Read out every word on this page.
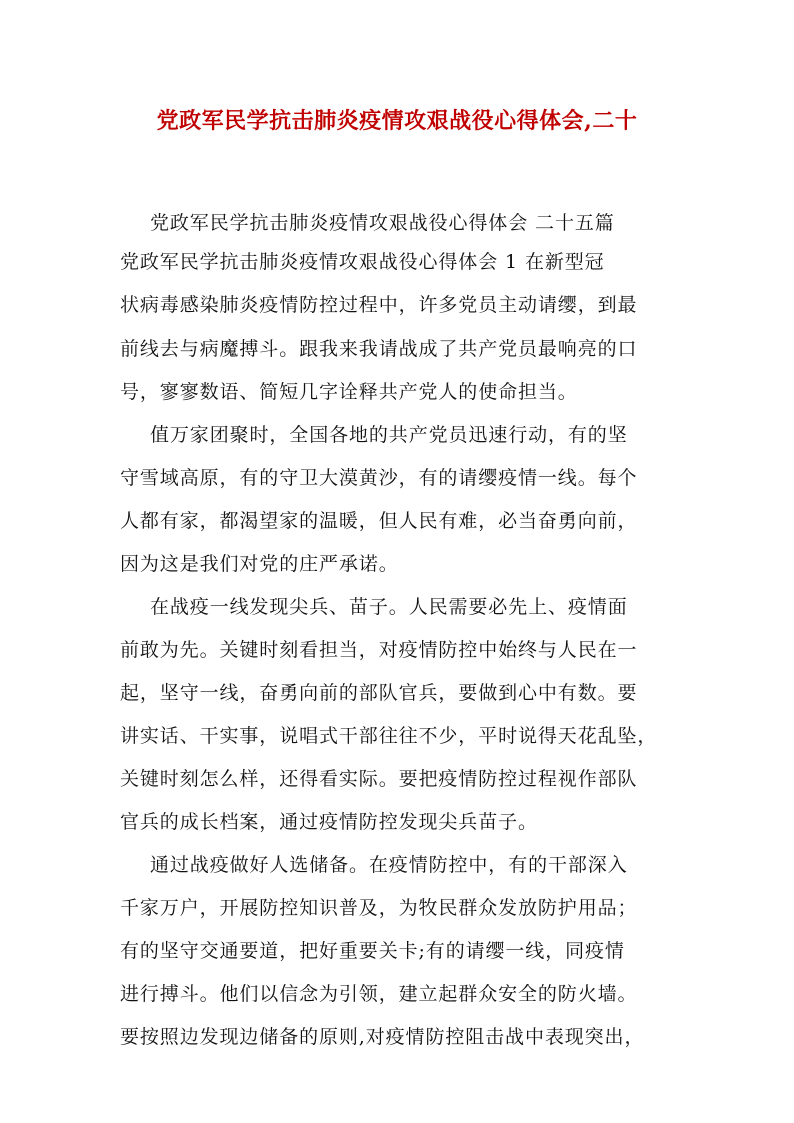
党政军民学抗击肺炎疫情攻艰战役心得体会,二十
党政军民学抗击肺炎疫情攻艰战役心得体会 二十五篇
党政军民学抗击肺炎疫情攻艰战役心得体会 1 在新型冠
状病毒感染肺炎疫情防控过程中，许多党员主动请缨，到最
前线去与病魔搏斗。跟我来我请战成了共产党员最响亮的口
号，寥寥数语、简短几字诠释共产党人的使命担当。
值万家团聚时，全国各地的共产党员迅速行动，有的坚
守雪域高原，有的守卫大漠黄沙，有的请缨疫情一线。每个
人都有家，都渴望家的温暖，但人民有难，必当奋勇向前，
因为这是我们对党的庄严承诺。
在战疫一线发现尖兵、苗子。人民需要必先上、疫情面
前敢为先。关键时刻看担当，对疫情防控中始终与人民在一
起，坚守一线，奋勇向前的部队官兵，要做到心中有数。要
讲实话、干实事，说唱式干部往往不少，平时说得天花乱坠，
关键时刻怎么样，还得看实际。要把疫情防控过程视作部队
官兵的成长档案，通过疫情防控发现尖兵苗子。
通过战疫做好人选储备。在疫情防控中，有的干部深入
千家万户，开展防控知识普及，为牧民群众发放防护用品；
有的坚守交通要道，把好重要关卡;有的请缨一线，同疫情
进行搏斗。他们以信念为引领，建立起群众安全的防火墙。
要按照边发现边储备的原则,对疫情防控阻击战中表现突出，
